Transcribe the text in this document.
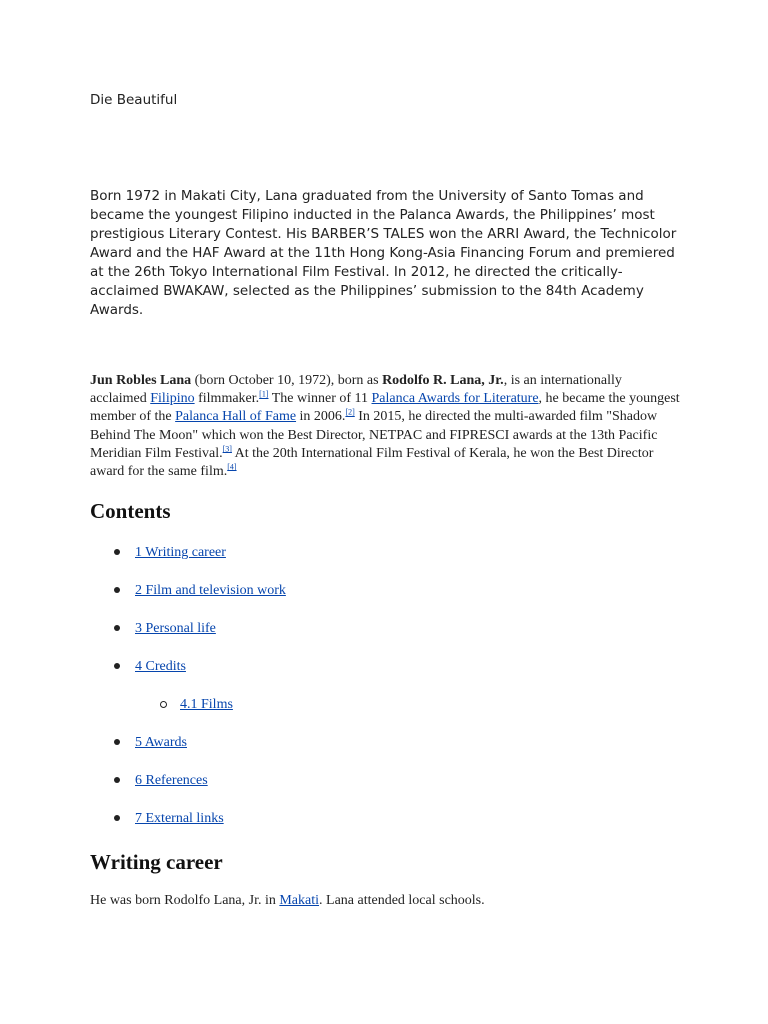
Die Beautiful

Born 1972 in Makati City, Lana graduated from the University of Santo Tomas and became the youngest Filipino inducted in the Palanca Awards, the Philippines’ most prestigious Literary Contest. His BARBER’S TALES won the ARRI Award, the Technicolor Award and the HAF Award at the 11th Hong Kong-Asia Financing Forum and premiered at the 26th Tokyo International Film Festival. In 2012, he directed the critically-acclaimed BWAKAW, selected as the Philippines’ submission to the 84th Academy Awards.

Jun Robles Lana (born October 10, 1972), born as Rodolfo R. Lana, Jr., is an internationally acclaimed Filipino filmmaker.[1] The winner of 11 Palanca Awards for Literature, he became the youngest member of the Palanca Hall of Fame in 2006.[2] In 2015, he directed the multi-awarded film "Shadow Behind The Moon" which won the Best Director, NETPAC and FIPRESCI awards at the 13th Pacific Meridian Film Festival.[3] At the 20th International Film Festival of Kerala, he won the Best Director award for the same film.[4]

Contents
1 Writing career
2 Film and television work
3 Personal life
4 Credits
4.1 Films
5 Awards
6 References
7 External links
Writing career

He was born Rodolfo Lana, Jr. in Makati. Lana attended local schools.
